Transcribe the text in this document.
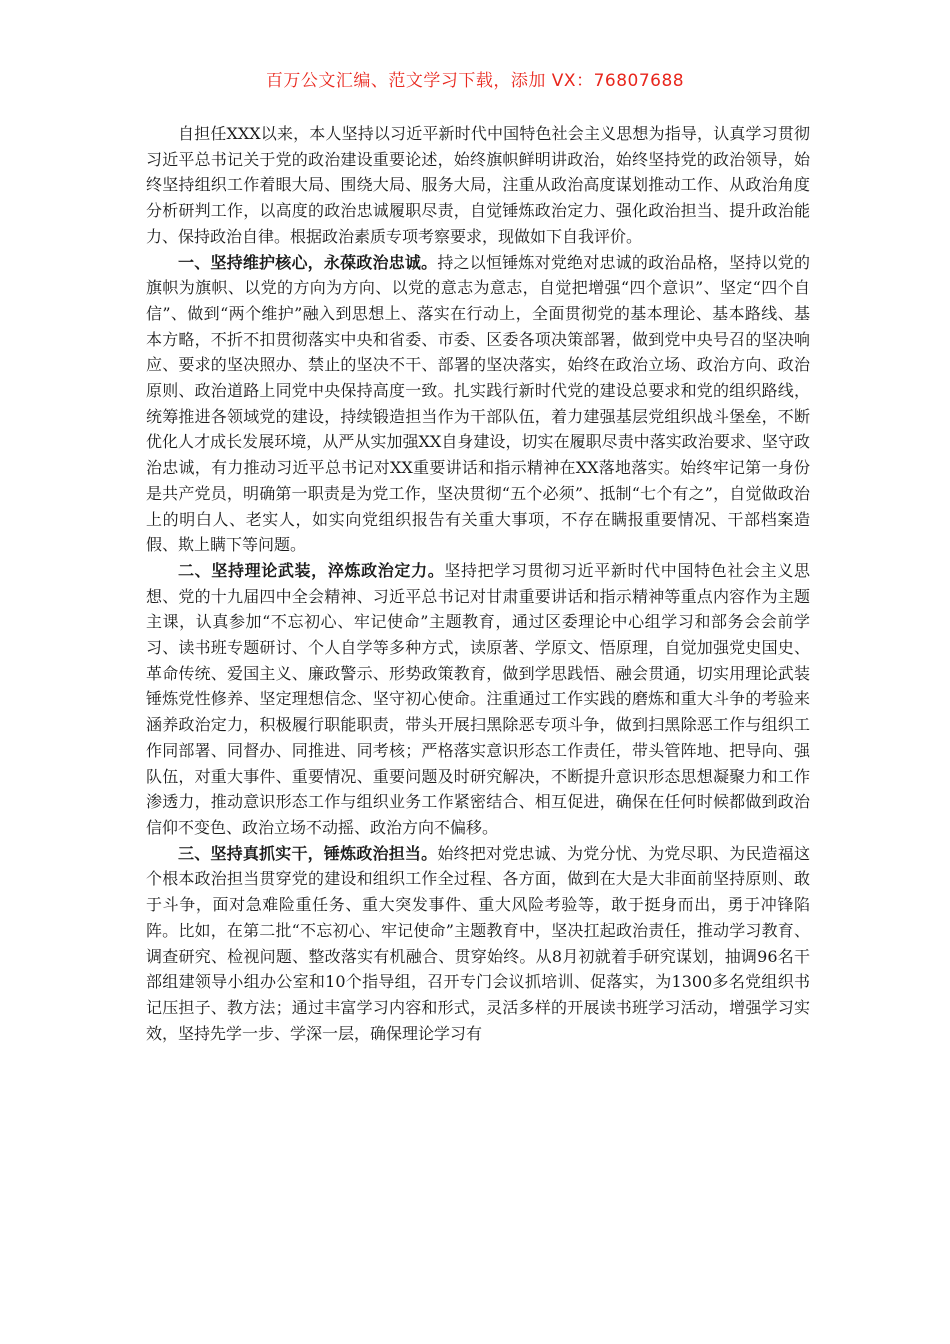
百万公文汇编、范文学习下载，添加 VX：76807688

自担任XXX以来，本人坚持以习近平新时代中国特色社会主义思想为指导，认真学习贯彻习近平总书记关于党的政治建设重要论述，始终旗帜鲜明讲政治，始终坚持党的政治领导，始终坚持组织工作着眼大局、围绕大局、服务大局，注重从政治高度谋划推动工作、从政治角度分析研判工作，以高度的政治忠诚履职尽责，自觉锤炼政治定力、强化政治担当、提升政治能力、保持政治自律。根据政治素质专项考察要求，现做如下自我评价。

一、坚持维护核心，永葆政治忠诚。持之以恒锤炼对党绝对忠诚的政治品格，坚持以党的旗帜为旗帜、以党的方向为方向、以党的意志为意志，自觉把增强“四个意识”、坚定“四个自信”、做到“两个维护”融入到思想上、落实在行动上，全面贯彻党的基本理论、基本路线、基本方略，不折不扣贯彻落实中央和省委、市委、区委各项决策部署，做到党中央号召的坚决响应、要求的坚决照办、禁止的坚决不干、部署的坚决落实，始终在政治立场、政治方向、政治原则、政治道路上同党中央保持高度一致。扎实践行新时代党的建设总要求和党的组织路线，统筹推进各领域党的建设，持续锻造担当作为干部队伍，着力建强基层党组织战斗堡垒，不断优化人才成长发展环境，从严从实加强XX自身建设，切实在履职尽责中落实政治要求、坚守政治忠诚，有力推动习近平总书记对XX重要讲话和指示精神在XX落地落实。始终牢记第一身份是共产党员，明确第一职责是为党工作，坚决贯彻“五个必须”、抵制“七个有之”，自觉做政治上的明白人、老实人，如实向党组织报告有关重大事项，不存在瞒报重要情况、干部档案造假、欺上瞒下等问题。

二、坚持理论武装，淬炼政治定力。坚持把学习贯彻习近平新时代中国特色社会主义思想、党的十九届四中全会精神、习近平总书记对甘肃重要讲话和指示精神等重点内容作为主题主课，认真参加“不忘初心、牢记使命”主题教育，通过区委理论中心组学习和部务会会前学习、读书班专题研讨、个人自学等多种方式，读原著、学原文、悟原理，自觉加强党史国史、革命传统、爱国主义、廉政警示、形势政策教育，做到学思践悟、融会贯通，切实用理论武装锤炼党性修养、坚定理想信念、坚守初心使命。注重通过工作实践的磨炼和重大斗争的考验来涵养政治定力，积极履行职能职责，带头开展扫黑除恶专项斗争，做到扫黑除恶工作与组织工作同部署、同督办、同推进、同考核；严格落实意识形态工作责任，带头管阵地、把导向、强队伍，对重大事件、重要情况、重要问题及时研究解决，不断提升意识形态思想凝聚力和工作渗透力，推动意识形态工作与组织业务工作紧密结合、相互促进，确保在任何时候都做到政治信仰不变色、政治立场不动摇、政治方向不偏移。

三、坚持真抓实干，锤炼政治担当。始终把对党忠诚、为党分忧、为党尽职、为民造福这个根本政治担当贯穿党的建设和组织工作全过程、各方面，做到在大是大非面前坚持原则、敢于斗争，面对急难险重任务、重大突发事件、重大风险考验等，敢于挺身而出，勇于冲锋陷阵。比如，在第二批“不忘初心、牢记使命”主题教育中，坚决扛起政治责任，推动学习教育、调查研究、检视问题、整改落实有机融合、贯穿始终。从8月初就着手研究谋划，抽调96名干部组建领导小组办公室和10个指导组，召开专门会议抓培训、促落实，为1300多名党组织书记压担子、教方法；通过丰富学习内容和形式，灵活多样的开展读书班学习活动，增强学习实效，坚持先学一步、学深一层，确保理论学习有
